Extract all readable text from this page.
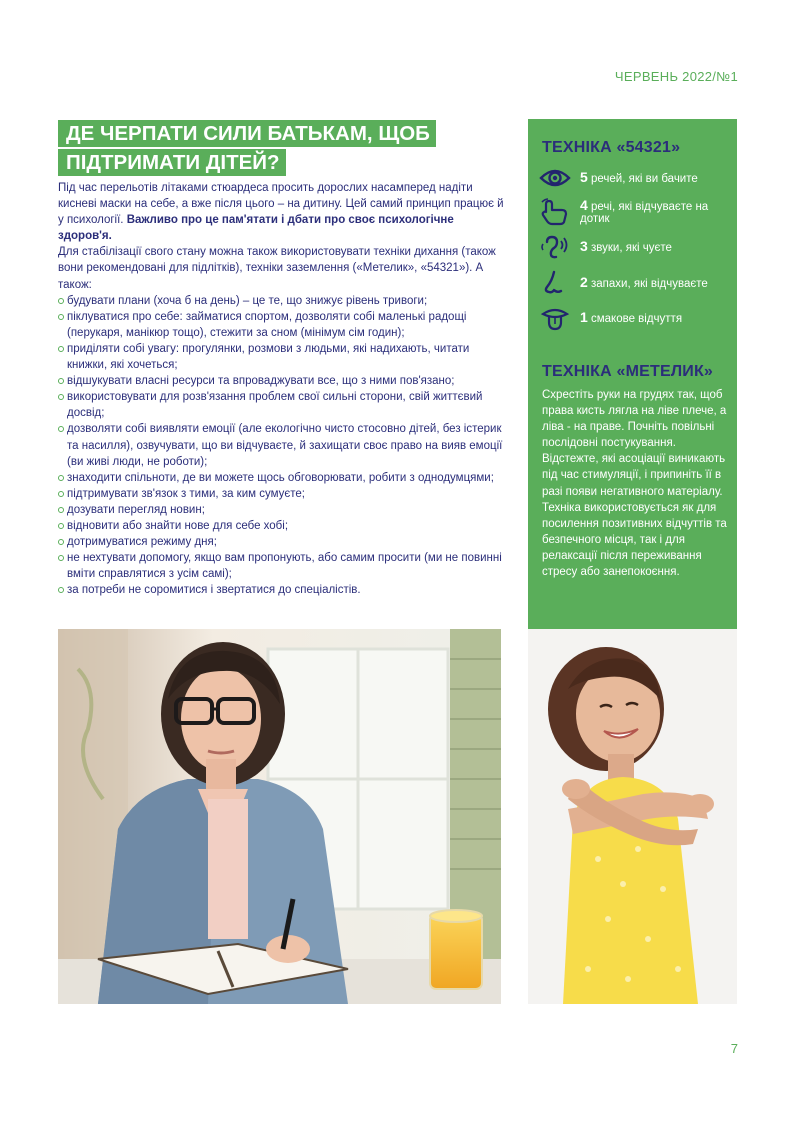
ЧЕРВЕНЬ 2022/№1
ДЕ ЧЕРПАТИ СИЛИ БАТЬКАМ, ЩОБ
ПІДТРИМАТИ ДІТЕЙ?

Під час перельотів літаками стюардеса просить дорослих насамперед надіти кисневі маски на себе, а вже після цього – на дитину. Цей самий принцип працює й у психології. Важливо про це пам'ятати і дбати про своє психологічне здоров'я.

Для стабілізації свого стану можна також використовувати техніки дихання (також вони рекомендовані для підлітків), техніки заземлення («Метелик», «54321»). А також:

будувати плани (хоча б на день) – це те, що знижує рівень тривоги;
піклуватися про себе: займатися спортом, дозволяти собі маленькі радощі (перукаря, манікюр тощо), стежити за сном (мінімум сім годин);
приділяти собі увагу: прогулянки, розмови з людьми, які надихають, читати книжки, які хочеться;
відшукувати власні ресурси та впроваджувати все, що з ними пов'язано;
використовувати для розв'язання проблем свої сильні сторони, свій життєвий досвід;
дозволяти собі виявляти емоції (але екологічно чисто стосовно дітей, без істерик та насилля), озвучувати, що ви відчуваєте, й захищати своє право на вияв емоції (ви живі люди, не роботи);
знаходити спільноти, де ви можете щось обговорювати, робити з однодумцями;
підтримувати зв'язок з тими, за ким сумуєте;
дозувати перегляд новин;
відновити або знайти нове для себе хобі;
дотримуватися режиму дня;
не нехтувати допомогу, якщо вам пропонують, або самим просити (ми не повинні вміти справлятися з усім самі);
за потреби не соромитися і звертатися до спеціалістів.
ТЕХНІКА «54321»
5 речей, які ви бачите
4 речі, які відчуваєте на дотик
3 звуки, які чуєте
2 запахи, які відчуваєте
1 смакове відчуття
ТЕХНІКА «МЕТЕЛИК»
Схрестіть руки на грудях так, щоб права кисть лягла на ліве плече, а ліва - на праве. Почніть повільні послідовні постукування. Відстежте, які асоціації виникають під час стимуляції, і припиніть її в разі появи негативного матеріалу. Техніка використовується як для посилення позитивних відчуттів та безпечного місця, так і для релаксації після переживання стресу або занепокоєння.
7
